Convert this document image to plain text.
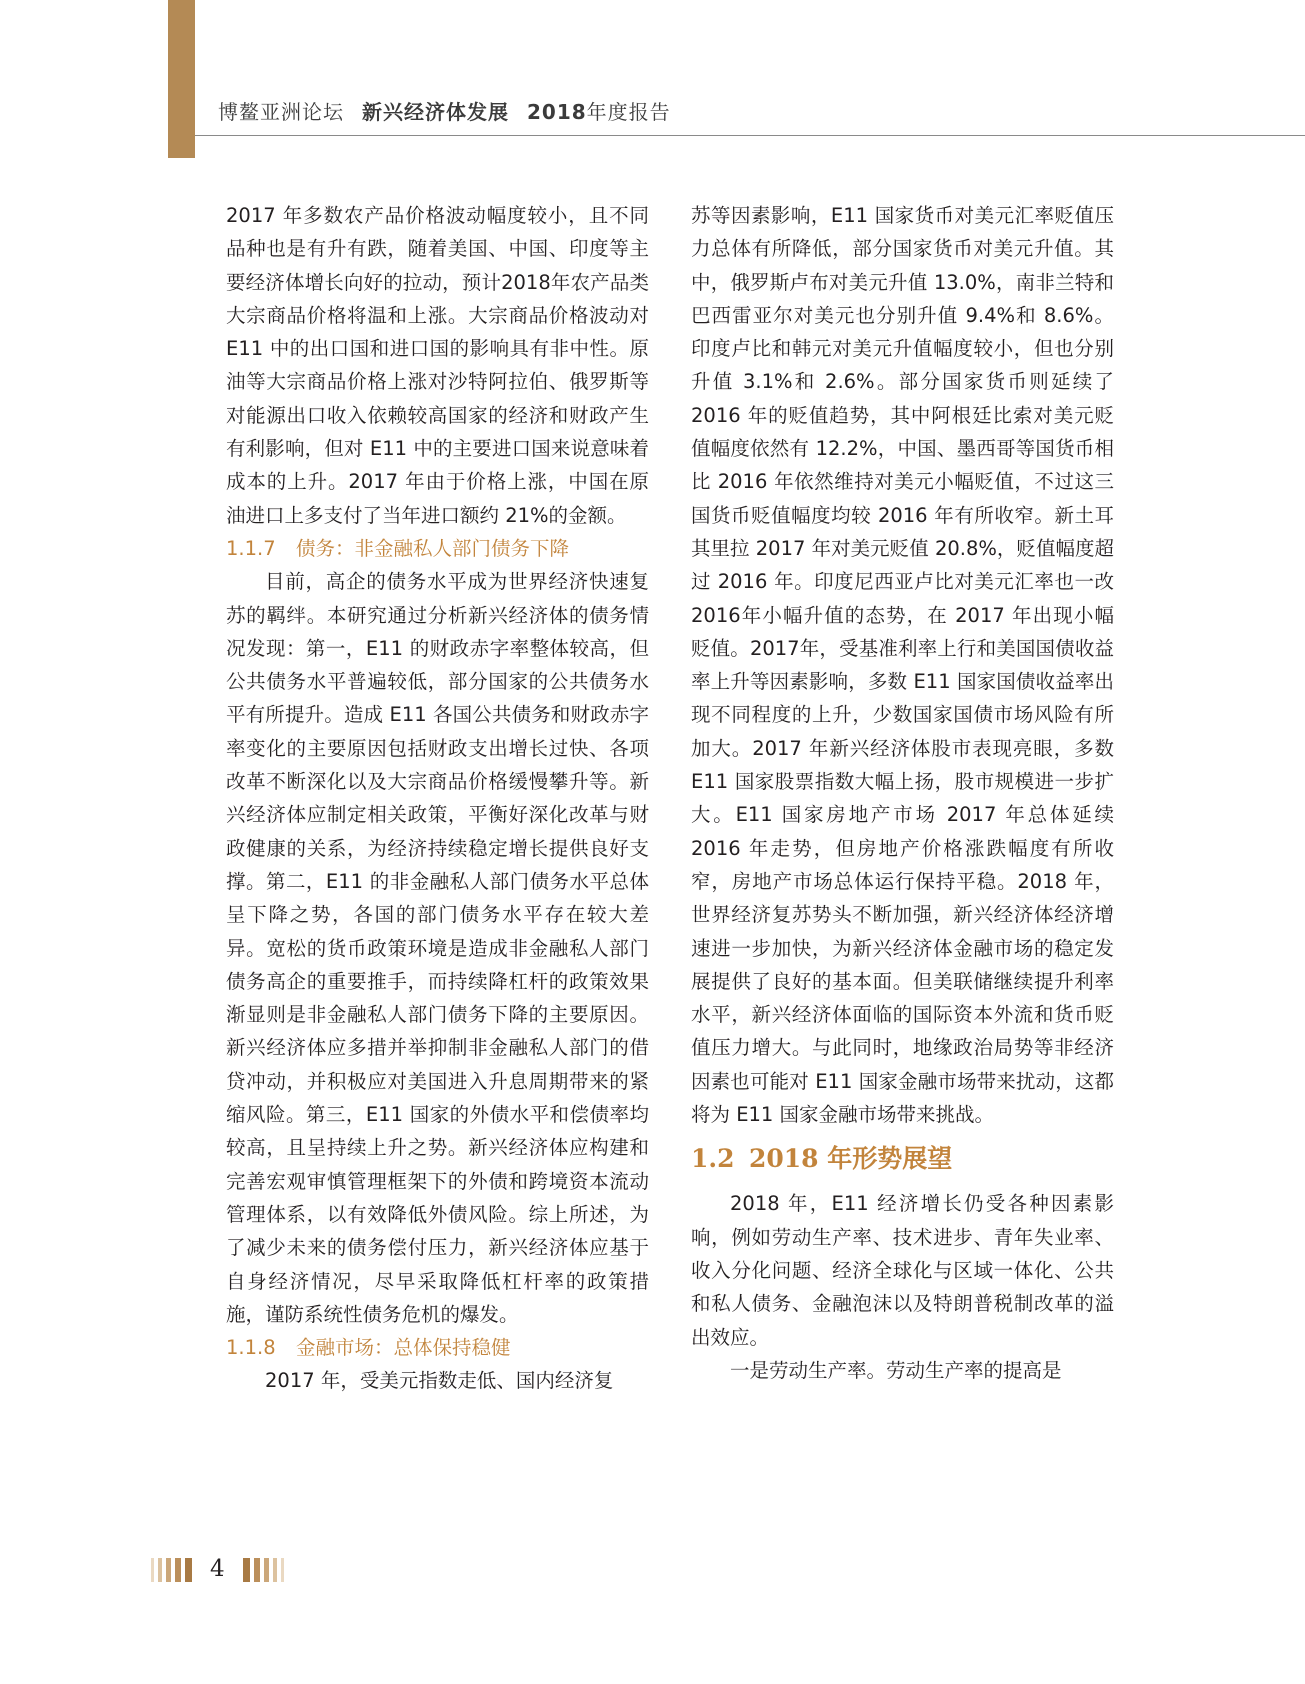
博鳌亚洲论坛 新兴经济体发展 2018年度报告

2017 年多数农产品价格波动幅度较小，且不同品种也是有升有跌，随着美国、中国、印度等主要经济体增长向好的拉动，预计2018年农产品类大宗商品价格将温和上涨。大宗商品价格波动对 E11 中的出口国和进口国的影响具有非中性。原油等大宗商品价格上涨对沙特阿拉伯、俄罗斯等对能源出口收入依赖较高国家的经济和财政产生有利影响，但对 E11 中的主要进口国来说意味着成本的上升。2017 年由于价格上涨，中国在原油进口上多支付了当年进口额约 21%的金额。

1.1.7 债务：非金融私人部门债务下降

目前，高企的债务水平成为世界经济快速复苏的羁绊。本研究通过分析新兴经济体的债务情况发现：第一，E11 的财政赤字率整体较高，但公共债务水平普遍较低，部分国家的公共债务水平有所提升。造成 E11 各国公共债务和财政赤字率变化的主要原因包括财政支出增长过快、各项改革不断深化以及大宗商品价格缓慢攀升等。新兴经济体应制定相关政策，平衡好深化改革与财政健康的关系，为经济持续稳定增长提供良好支撑。第二，E11 的非金融私人部门债务水平总体呈下降之势，各国的部门债务水平存在较大差异。宽松的货币政策环境是造成非金融私人部门债务高企的重要推手，而持续降杠杆的政策效果渐显则是非金融私人部门债务下降的主要原因。新兴经济体应多措并举抑制非金融私人部门的借贷冲动，并积极应对美国进入升息周期带来的紧缩风险。第三，E11 国家的外债水平和偿债率均较高，且呈持续上升之势。新兴经济体应构建和完善宏观审慎管理框架下的外债和跨境资本流动管理体系，以有效降低外债风险。综上所述，为了减少未来的债务偿付压力，新兴经济体应基于自身经济情况，尽早采取降低杠杆率的政策措施，谨防系统性债务危机的爆发。

1.1.8 金融市场：总体保持稳健

2017 年，受美元指数走低、国内经济复

苏等因素影响，E11 国家货币对美元汇率贬值压力总体有所降低，部分国家货币对美元升值。其中，俄罗斯卢布对美元升值 13.0%，南非兰特和巴西雷亚尔对美元也分别升值 9.4%和 8.6%。印度卢比和韩元对美元升值幅度较小，但也分别升值 3.1%和 2.6%。部分国家货币则延续了 2016 年的贬值趋势，其中阿根廷比索对美元贬值幅度依然有 12.2%，中国、墨西哥等国货币相比 2016 年依然维持对美元小幅贬值，不过这三国货币贬值幅度均较 2016 年有所收窄。新土耳其里拉 2017 年对美元贬值 20.8%，贬值幅度超过 2016 年。印度尼西亚卢比对美元汇率也一改2016年小幅升值的态势，在 2017 年出现小幅贬值。2017年，受基准利率上行和美国国债收益率上升等因素影响，多数 E11 国家国债收益率出现不同程度的上升，少数国家国债市场风险有所加大。2017 年新兴经济体股市表现亮眼，多数 E11 国家股票指数大幅上扬，股市规模进一步扩大。E11 国家房地产市场 2017 年总体延续 2016 年走势，但房地产价格涨跌幅度有所收窄，房地产市场总体运行保持平稳。2018 年，世界经济复苏势头不断加强，新兴经济体经济增速进一步加快，为新兴经济体金融市场的稳定发展提供了良好的基本面。但美联储继续提升利率水平，新兴经济体面临的国际资本外流和货币贬值压力增大。与此同时，地缘政治局势等非经济因素也可能对 E11 国家金融市场带来扰动，这都将为 E11 国家金融市场带来挑战。

1.2 2018 年形势展望

2018 年，E11 经济增长仍受各种因素影响，例如劳动生产率、技术进步、青年失业率、收入分化问题、经济全球化与区域一体化、公共和私人债务、金融泡沫以及特朗普税制改革的溢出效应。

一是劳动生产率。劳动生产率的提高是

4
